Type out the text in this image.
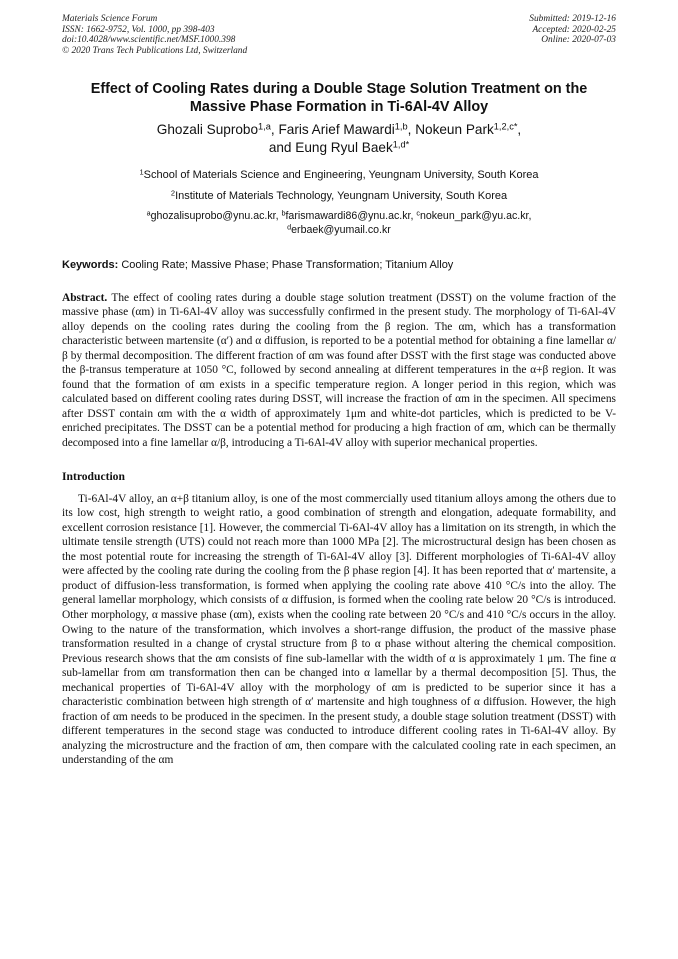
Materials Science Forum
ISSN: 1662-9752, Vol. 1000, pp 398-403
doi:10.4028/www.scientific.net/MSF.1000.398
© 2020 Trans Tech Publications Ltd, Switzerland
Submitted: 2019-12-16
Accepted: 2020-02-25
Online: 2020-07-03
Effect of Cooling Rates during a Double Stage Solution Treatment on the Massive Phase Formation in Ti-6Al-4V Alloy
Ghozali Suprobo$^{1,a}$, Faris Arief Mawardi$^{1,b}$, Nokeun Park$^{1,2,c*}$,
and Eung Ryul Baek$^{1,d*}$
$^1$School of Materials Science and Engineering, Yeungnam University, South Korea
$^2$Institute of Materials Technology, Yeungnam University, South Korea
$^a$ghozalisuprobo@ynu.ac.kr, $^b$farismawardi86@ynu.ac.kr, $^c$nokeun_park@yu.ac.kr,
$^d$erbaek@yumail.co.kr
Keywords: Cooling Rate; Massive Phase; Phase Transformation; Titanium Alloy
Abstract. The effect of cooling rates during a double stage solution treatment (DSST) on the volume fraction of the massive phase (αm) in Ti-6Al-4V alloy was successfully confirmed in the present study. The morphology of Ti-6Al-4V alloy depends on the cooling rates during the cooling from the β region. The αm, which has a transformation characteristic between martensite (α′) and α diffusion, is reported to be a potential method for obtaining a fine lamellar α/β by thermal decomposition. The different fraction of αm was found after DSST with the first stage was conducted above the β-transus temperature at 1050 °C, followed by second annealing at different temperatures in the α+β region. It was found that the formation of αm exists in a specific temperature region. A longer period in this region, which was calculated based on different cooling rates during DSST, will increase the fraction of αm in the specimen. All specimens after DSST contain αm with the α width of approximately 1μm and white-dot particles, which is predicted to be V-enriched precipitates. The DSST can be a potential method for producing a high fraction of αm, which can be thermally decomposed into a fine lamellar α/β, introducing a Ti-6Al-4V alloy with superior mechanical properties.
Introduction
Ti-6Al-4V alloy, an α+β titanium alloy, is one of the most commercially used titanium alloys among the others due to its low cost, high strength to weight ratio, a good combination of strength and elongation, adequate formability, and excellent corrosion resistance [1]. However, the commercial Ti-6Al-4V alloy has a limitation on its strength, in which the ultimate tensile strength (UTS) could not reach more than 1000 MPa [2]. The microstructural design has been chosen as the most potential route for increasing the strength of Ti-6Al-4V alloy [3]. Different morphologies of Ti-6Al-4V alloy were affected by the cooling rate during the cooling from the β phase region [4]. It has been reported that α′ martensite, a product of diffusion-less transformation, is formed when applying the cooling rate above 410 °C/s into the alloy. The general lamellar morphology, which consists of α diffusion, is formed when the cooling rate below 20 °C/s is introduced. Other morphology, α massive phase (αm), exists when the cooling rate between 20 °C/s and 410 °C/s occurs in the alloy. Owing to the nature of the transformation, which involves a short-range diffusion, the product of the massive phase transformation resulted in a change of crystal structure from β to α phase without altering the chemical composition. Previous research shows that the αm consists of fine sub-lamellar with the width of α is approximately 1 μm. The fine α sub-lamellar from αm transformation then can be changed into α lamellar by a thermal decomposition [5]. Thus, the mechanical properties of Ti-6Al-4V alloy with the morphology of αm is predicted to be superior since it has a characteristic combination between high strength of α′ martensite and high toughness of α diffusion. However, the high fraction of αm needs to be produced in the specimen. In the present study, a double stage solution treatment (DSST) with different temperatures in the second stage was conducted to introduce different cooling rates in Ti-6Al-4V alloy. By analyzing the microstructure and the fraction of αm, then compare with the calculated cooling rate in each specimen, an understanding of the αm
